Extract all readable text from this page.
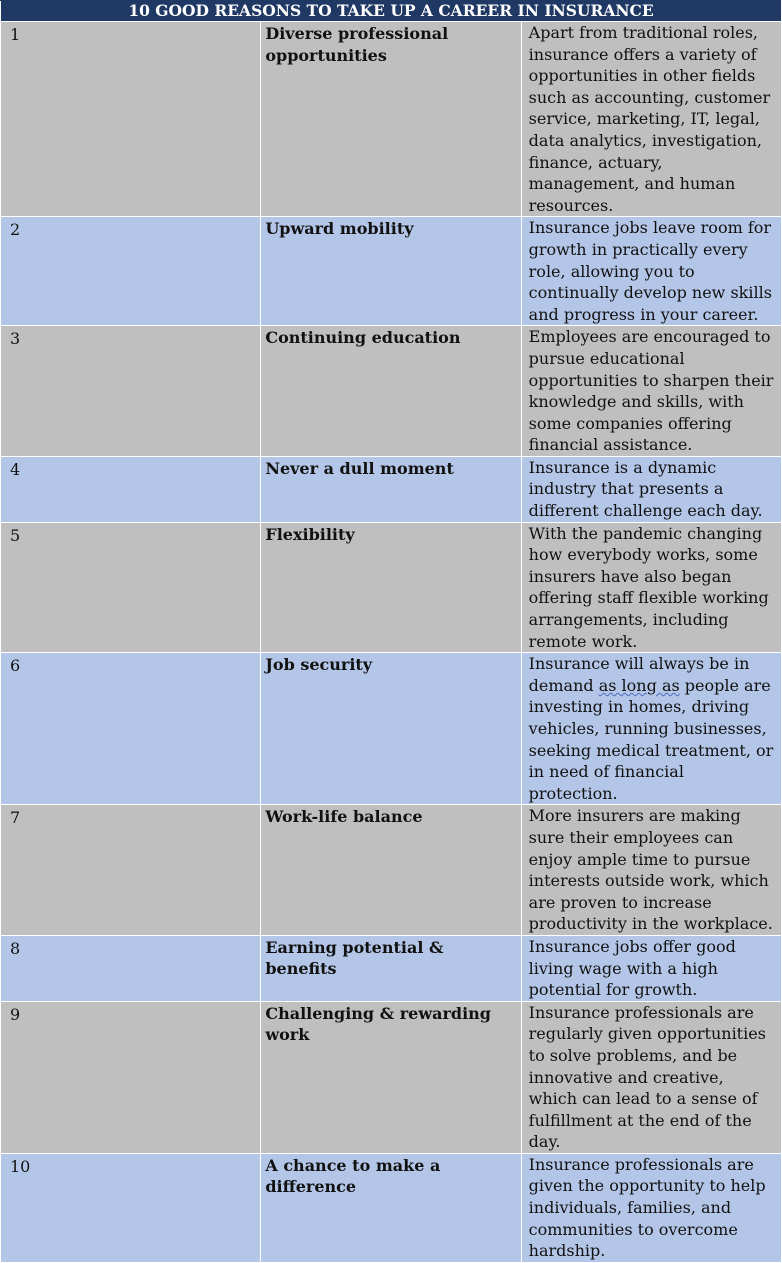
10 GOOD REASONS TO TAKE UP A CAREER IN INSURANCE		
1	Diverse professional opportunities	Apart from traditional roles, insurance offers a variety of opportunities in other fields such as accounting, customer service, marketing, IT, legal, data analytics, investigation, finance, actuary, management, and human resources.
2	Upward mobility	Insurance jobs leave room for growth in practically every role, allowing you to continually develop new skills and progress in your career.
3	Continuing education	Employees are encouraged to pursue educational opportunities to sharpen their knowledge and skills, with some companies offering financial assistance.
4	Never a dull moment	Insurance is a dynamic industry that presents a different challenge each day.
5	Flexibility	With the pandemic changing how everybody works, some insurers have also began offering staff flexible working arrangements, including remote work.
6	Job security	Insurance will always be in demand as long as people are investing in homes, driving vehicles, running businesses, seeking medical treatment, or in need of financial protection.
7	Work-life balance	More insurers are making sure their employees can enjoy ample time to pursue interests outside work, which are proven to increase productivity in the workplace.
8	Earning potential & benefits	Insurance jobs offer good living wage with a high potential for growth.
9	Challenging & rewarding work	Insurance professionals are regularly given opportunities to solve problems, and be innovative and creative, which can lead to a sense of fulfillment at the end of the day.
10	A chance to make a difference	Insurance professionals are given the opportunity to help individuals, families, and communities to overcome hardship.
